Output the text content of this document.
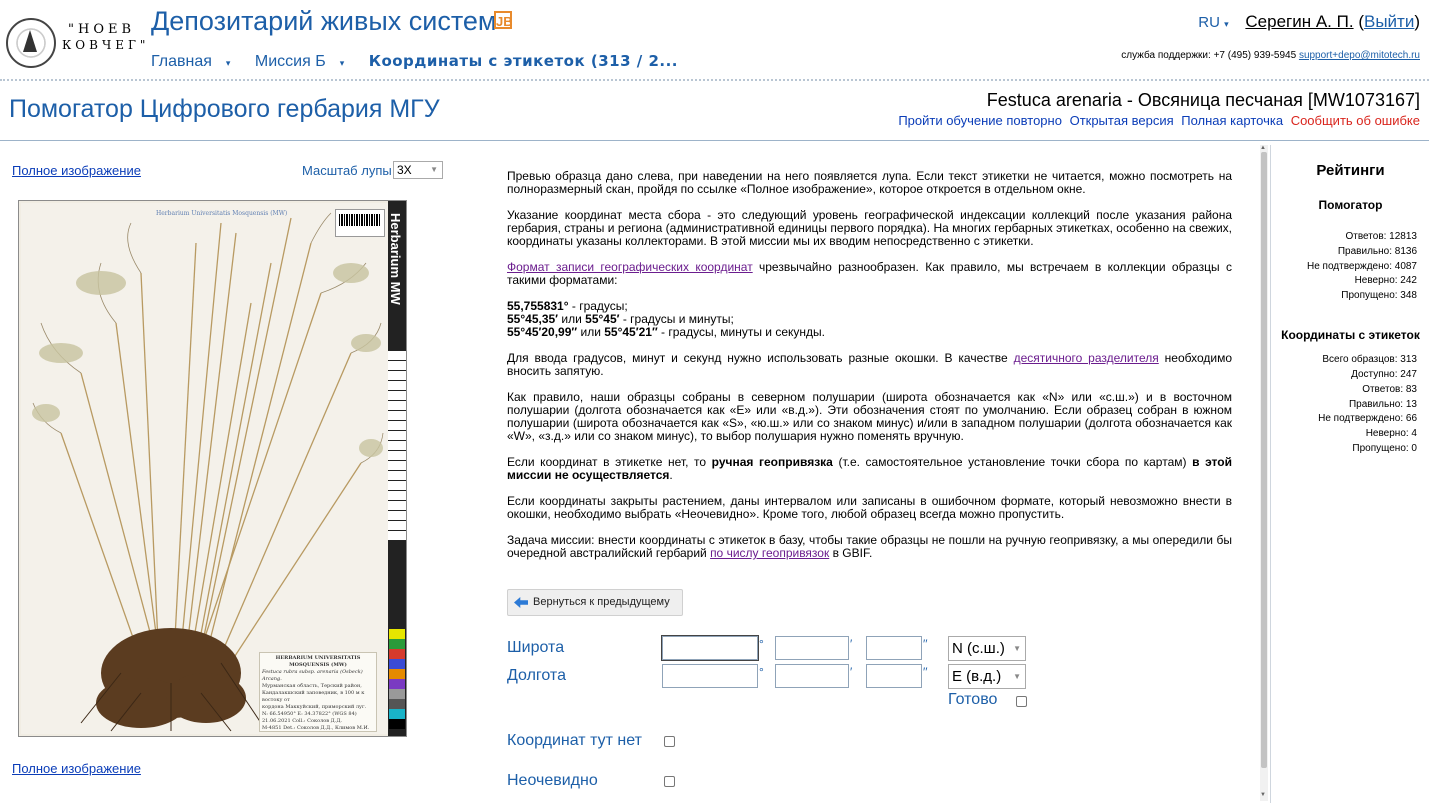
"НОЕВ
КОВЧЕГ"
Депозитарий живых систем JB
Главная ▾ Миссия Б ▾ Координаты с этикеток (313 / 2...
RU ▾ Серегин А. П. (Выйти)
служба поддержки: +7 (495) 939-5945 support+depo@mitotech.ru
Помогатор Цифрового гербария МГУ	Festuca arenaria - Овсяница песчаная [MW1073167]
Пройти обучение повторно Открытая версия Полная карточка Сообщить об ошибке
Полное изображение	Масштаб лупы 3X ▼
Herbarium Universitatis Mosquensis (MW)
HERBARIUM UNIVERSITATIS MOSQUENSIS (MW)
Festuca rubra subsp. arenaria (Osbeck) Arcang.
Мурманская область, Терский район,
Кандалакшский заповедник, в 100 м к востоку от
кордона Маккуйский, приморский луг.
N: 66.54950° E: 34.37822° (WGS 84)
21.06.2021 Coll.: Соколов Д.Д.
M-4851 Det.: Соколов Д.Д., Климов М.И.
Herbarium MW
150 mm
Полное изображение

Превью образца дано слева, при наведении на него появляется лупа. Если текст этикетки не читается, можно посмотреть на полноразмерный скан, пройдя по ссылке «Полное изображение», которое откроется в отдельном окне.

Указание координат места сбора - это следующий уровень географической индексации коллекций после указания района гербария, страны и региона (административной единицы первого порядка). На многих гербарных этикетках, особенно на свежих, координаты указаны коллекторами. В этой миссии мы их вводим непосредственно с этикетки.

Формат записи географических координат чрезвычайно разнообразен. Как правило, мы встречаем в коллекции образцы с такими форматами:

55,755831° - градусы;
55°45,35′ или 55°45′ - градусы и минуты;
55°45′20,99″ или 55°45′21″ - градусы, минуты и секунды.

Для ввода градусов, минут и секунд нужно использовать разные окошки. В качестве десятичного разделителя необходимо вносить запятую.

Как правило, наши образцы собраны в северном полушарии (широта обозначается как «N» или «с.ш.») и в восточном полушарии (долгота обозначается как «E» или «в.д.»). Эти обозначения стоят по умолчанию. Если образец собран в южном полушарии (широта обозначается как «S», «ю.ш.» или со знаком минус) и/или в западном полушарии (долгота обозначается как «W», «з.д.» или со знаком минус), то выбор полушария нужно поменять вручную.

Если координат в этикетке нет, то ручная геопривязка (т.е. самостоятельное установление точки сбора по картам) в этой миссии не осуществляется.

Если координаты закрыты растением, даны интервалом или записаны в ошибочном формате, который невозможно внести в окошки, необходимо выбрать «Неочевидно». Кроме того, любой образец всегда можно пропустить.

Задача миссии: внести координаты с этикеток в базу, чтобы такие образцы не пошли на ручную геопривязку, а мы опередили бы очередной австралийский гербарий по числу геопривязок в GBIF.

Вернуться к предыдущему
Широта	°	′	′′ N (с.ш.) ▼
Долгота	°	′	′′ E (в.д.) ▼
Готово
Координат тут нет
Неочевидно
▲
▼
Рейтинги
Помогатор
Ответов: 12813
Правильно: 8136
Не подтверждено: 4087
Неверно: 242
Пропущено: 348
Координаты с этикеток
Всего образцов: 313
Доступно: 247
Ответов: 83
Правильно: 13
Не подтверждено: 66
Неверно: 4
Пропущено: 0
